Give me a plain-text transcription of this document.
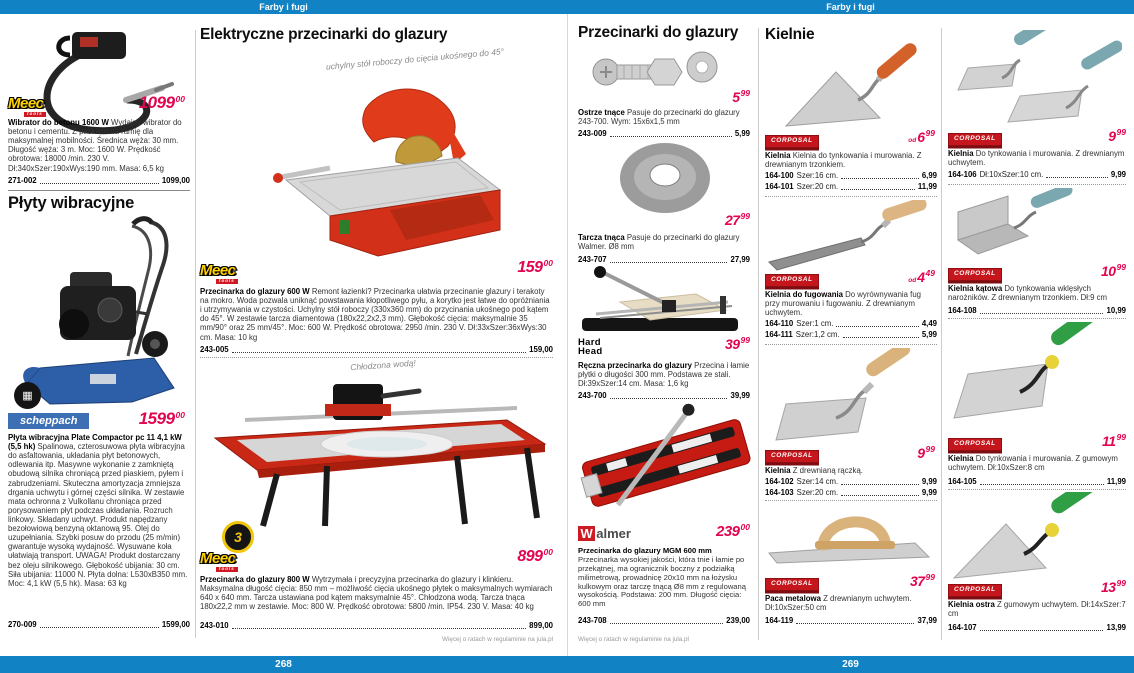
Farby i fugi	Farby i fugi
Meec
tools
1099$^{00}$

Wibrator do betonu 1600 W Wydajny wibrator do betonu i cementu. Z paskiem na ramię dla maksymalnej mobilności. Średnica węża: 30 mm. Długość węża: 3 m. Moc: 1600 W. Prędkość obrotowa: 18000 /min. 230 V. Dł:340xSzer:190xWys:190 mm. Masa: 6,5 kg

271-002	1099,00
Płyty wibracyjne
▦
scheppach	1599$^{00}$

Płyta wibracyjna Plate Compactor pc 11 4,1 kW (5,5 hk) Spalinowa, czterosuwowa płyta wibracyjna do asfaltowania, układania płyt betonowych, odlewania itp. Masywne wykonanie z zamkniętą obudową silnika chroniącą przed piaskiem, pyłem i zabrudzeniami. Skuteczna amortyzacja zmniejsza drgania uchwytu i górnej części silnika. W zestawie mata ochronna z Vulkollanu chroniąca przed porysowaniem płyt podczas układania. Rozruch linkowy. Składany uchwyt. Produkt napędzany bezołowiową benzyną oktanową 95. Olej do uzupełniania. Szybki posuw do przodu (25 m/min) gwarantuje wysoką wydajność. Wysuwane koła ułatwiają transport. UWAGA! Produkt dostarczany bez oleju silnikowego. Głębokość ubijania: 30 cm. Siła ubijania: 11000 N. Płyta dolna: L530xB350 mm. Moc: 4,1 kW (5,5 hk). Masa: 63 kg

270-009	1599,00
Elektryczne przecinarki do glazury
uchylny stół roboczy do cięcia ukośnego do 45°
Meec
tools
$159^{00}$

Przecinarka do glazury 600 W Remont łazienki? Przecinarka ułatwia przecinanie glazury i terakoty na mokro. Woda pozwala uniknąć powstawania kłopotliwego pyłu, a korytko jest łatwe do opróżniania i utrzymywania w czystości. Uchylny stół roboczy (330x360 mm) do przycinania ukośnego pod kątem do 45°. W zestawie tarcza diamentowa (180x22,2x2,3 mm). Głębokość cięcia: maksymalnie 35 mm/90° oraz 25 mm/45°. Moc: 600 W. Prędkość obrotowa: 2950 /min. 230 V. Dł:33xSzer:36xWys:30 cm. Masa: 10 kg

243-005	159,00
Chłodzona wodą!
3
Meec
tools
$899^{00}$

Przecinarka do glazury 800 W Wytrzymała i precyzyjna przecinarka do glazury i klinkieru. Maksymalna długość cięcia: 850 mm – możliwość cięcia ukośnego płytek o maksymalnych wymiarach 640 x 640 mm. Tarcza ustawiana pod kątem maksymalnie 45°. Chłodzona wodą. Tarcza tnąca 180x22,2 mm w zestawie. Moc: 800 W. Prędkość obrotowa: 5800 /min. IP54. 230 V. Masa: 40 kg

243-010	899,00
Więcej o ratach w regulaminie na jula.pl
Przecinarki do glazury
$5^{99}$

Ostrze tnące Pasuje do przecinarki do glazury 243-700. Wym: 15x6x1,5 mm

243-009	5,99
$27^{99}$

Tarcza tnąca Pasuje do przecinarki do glazury Walmer. Ø8 mm

243-707	27,99
Hard
Head	$39^{99}$

Ręczna przecinarka do glazury Przecina i łamie płytki o długości 300 mm. Podstawa ze stali. Dł:39xSzer:14 cm. Masa: 1,6 kg

243-700	39,99
W almer	$239^{00}$

Przecinarka do glazury MGM 600 mm Przecinarka wysokiej jakości, która tnie i łamie po przekątnej, ma ogranicznik boczny z podziałką milimetrową, prowadnicę 20x10 mm na łożysku kulkowym oraz tarczę tnącą Ø8 mm z regulowaną wysokością. Podstawa: 200 mm. Długość cięcia: 600 mm

243-708	239,00
Więcej o ratach w regulaminie na jula.pl
Kielnie
CORPOSAL	$od6^{99}$

Kielnia Kielnia do tynkowania i murowania. Z drewnianym trzonkiem.

164-100 Szer:16 cm.	6,99
164-101 Szer:20 cm.	11,99
CORPOSAL	$od4^{49}$

Kielnia do fugowania Do wyrównywania fug przy murowaniu i fugowaniu. Z drewnianym uchwytem.

164-110 Szer:1 cm.	4,49
164-111 Szer:1,2 cm.	5,99
CORPOSAL	$9^{99}$

Kielnia Z drewnianą rączką.

164-102 Szer:14 cm.	9,99
164-103 Szer:20 cm.	9,99
CORPOSAL	$37^{99}$

Paca metalowa Z drewnianym uchwytem. Dł:10xSzer:50 cm

164-119	37,99
CORPOSAL	$9^{99}$

Kielnia Do tynkowania i murowania. Z drewnianym uchwytem.

164-106 Dł:10xSzer:10 cm.	9,99
CORPOSAL	$10^{99}$

Kielnia kątowa Do tynkowania wklęsłych narożników. Z drewnianym trzonkiem. Dł:9 cm

164-108	10,99
CORPOSAL	$11^{99}$

Kielnia Do tynkowania i murowania. Z gumowym uchwytem. Dł:10xSzer:8 cm

164-105	11,99
CORPOSAL	$13^{99}$

Kielnia ostra Z gumowym uchwytem. Dł:14xSzer:7 cm

164-107	13,99
268	269
